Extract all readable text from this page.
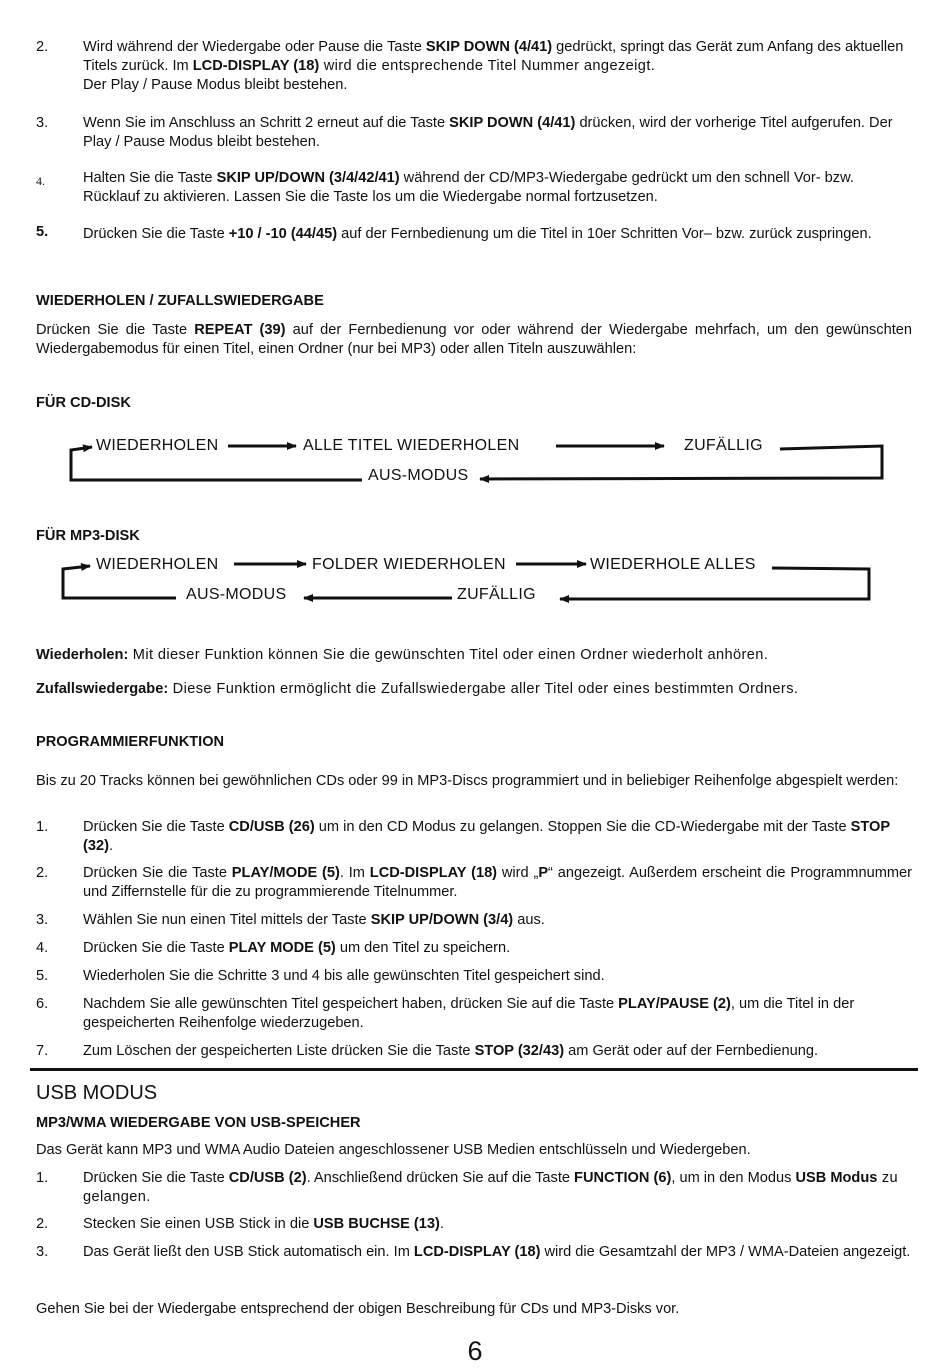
2. Wird während der Wiedergabe oder Pause die Taste SKIP DOWN (4/41) gedrückt, springt das Gerät zum Anfang des aktuellen Titels zurück. Im LCD-DISPLAY (18) wird die entsprechende Titel Nummer angezeigt.
Der Play / Pause Modus bleibt bestehen.
3. Wenn Sie im Anschluss an Schritt 2 erneut auf die Taste SKIP DOWN (4/41) drücken, wird der vorherige Titel aufgerufen. Der Play / Pause Modus bleibt bestehen.
4.	Halten Sie die Taste SKIP UP/DOWN (3/4/42/41) während der CD/MP3-Wiedergabe gedrückt um den schnell Vor- bzw. Rücklauf zu aktivieren. Lassen Sie die Taste los um die Wiedergabe normal fortzusetzen.
5. Drücken Sie die Taste +10 / -10 (44/45) auf der Fernbedienung um die Titel in 10er Schritten Vor– bzw. zurück zuspringen.
WIEDERHOLEN / ZUFALLSWIEDERGABE
Drücken Sie die Taste REPEAT (39) auf der Fernbedienung vor oder während der Wiedergabe mehrfach, um den gewünschten Wiedergabemodus für einen Titel, einen Ordner (nur bei MP3) oder allen Titeln auszuwählen:
FÜR CD-DISK
WIEDERHOLEN	ALLE TITEL WIEDERHOLEN	ZUFÄLLIG
AUS-MODUS
FÜR MP3-DISK
WIEDERHOLEN	FOLDER WIEDERHOLEN	WIEDERHOLE ALLES
AUS-MODUS	ZUFÄLLIG
Wiederholen: Mit dieser Funktion können Sie die gewünschten Titel oder einen Ordner wiederholt anhören.
Zufallswiedergabe: Diese Funktion ermöglicht die Zufallswiedergabe aller Titel oder eines bestimmten Ordners.
PROGRAMMIERFUNKTION
Bis zu 20 Tracks können bei gewöhnlichen CDs oder 99 in MP3-Discs programmiert und in beliebiger Reihenfolge abgespielt werden:
1. Drücken Sie die Taste CD/USB (26) um in den CD Modus zu gelangen. Stoppen Sie die CD-Wiedergabe mit der Taste STOP (32).
2. Drücken Sie die Taste PLAY/MODE (5). Im LCD-DISPLAY (18) wird „P“ angezeigt. Außerdem erscheint die Programmnummer und Ziffernstelle für die zu programmierende Titelnummer.
3. Wählen Sie nun einen Titel mittels der Taste SKIP UP/DOWN (3/4) aus.
4. Drücken Sie die Taste PLAY MODE (5) um den Titel zu speichern.
5. Wiederholen Sie die Schritte 3 und 4 bis alle gewünschten Titel gespeichert sind.
6. Nachdem Sie alle gewünschten Titel gespeichert haben, drücken Sie auf die Taste PLAY/PAUSE (2), um die Titel in der gespeicherten Reihenfolge wiederzugeben.
7. Zum Löschen der gespeicherten Liste drücken Sie die Taste STOP (32/43) am Gerät oder auf der Fernbedienung.
USB MODUS
MP3/WMA WIEDERGABE VON USB-SPEICHER
Das Gerät kann MP3 und WMA Audio Dateien angeschlossener USB Medien entschlüsseln und Wiedergeben.
1. Drücken Sie die Taste CD/USB (2). Anschließend drücken Sie auf die Taste FUNCTION (6), um in den Modus USB Modus zu gelangen.
2. Stecken Sie einen USB Stick in die USB BUCHSE (13).
3. Das Gerät ließt den USB Stick automatisch ein. Im LCD-DISPLAY (18) wird die Gesamtzahl der MP3 / WMA-Dateien angezeigt.
Gehen Sie bei der Wiedergabe entsprechend der obigen Beschreibung für CDs und MP3-Disks vor.
6
